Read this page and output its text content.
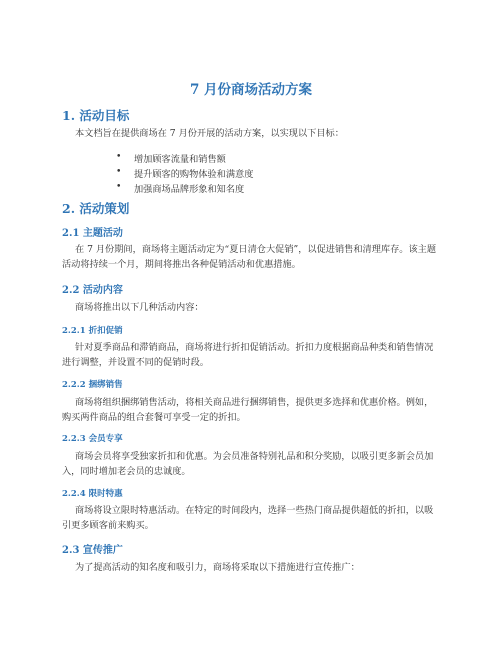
7 月份商场活动方案
1. 活动目标

本文档旨在提供商场在 7 月份开展的活动方案，以实现以下目标：

• 增加顾客流量和销售额
• 提升顾客的购物体验和满意度
• 加强商场品牌形象和知名度
2. 活动策划
2.1 主题活动

在 7 月份期间，商场将主题活动定为“夏日清仓大促销”，以促进销售和清理库存。该主题活动将持续一个月，期间将推出各种促销活动和优惠措施。

2.2 活动内容

商场将推出以下几种活动内容：

2.2.1 折扣促销

针对夏季商品和滞销商品，商场将进行折扣促销活动。折扣力度根据商品种类和销售情况进行调整，并设置不同的促销时段。

2.2.2 捆绑销售

商场将组织捆绑销售活动，将相关商品进行捆绑销售，提供更多选择和优惠价格。例如，购买两件商品的组合套餐可享受一定的折扣。

2.2.3 会员专享

商场会员将享受独家折扣和优惠。为会员准备特别礼品和积分奖励，以吸引更多新会员加入，同时增加老会员的忠诚度。

2.2.4 限时特惠

商场将设立限时特惠活动。在特定的时间段内，选择一些热门商品提供超低的折扣，以吸引更多顾客前来购买。

2.3 宣传推广

为了提高活动的知名度和吸引力，商场将采取以下措施进行宣传推广：
